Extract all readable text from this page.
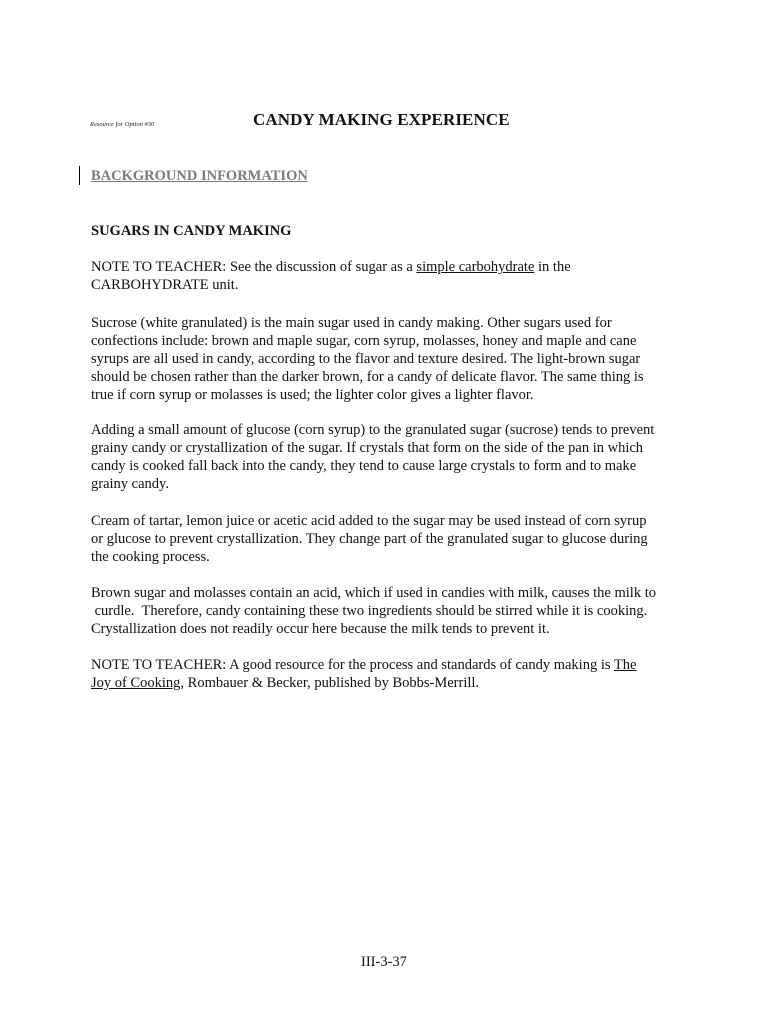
Resource for Option #30	CANDY MAKING EXPERIENCE
BACKGROUND INFORMATION
SUGARS IN CANDY MAKING

NOTE TO TEACHER: See the discussion of sugar as a simple carbohydrate in the
CARBOHYDRATE unit.

Sucrose (white granulated) is the main sugar used in candy making. Other sugars used for
confections include: brown and maple sugar, corn syrup, molasses, honey and maple and cane
syrups are all used in candy, according to the flavor and texture desired. The light-brown sugar
should be chosen rather than the darker brown, for a candy of delicate flavor. The same thing is
true if corn syrup or molasses is used; the lighter color gives a lighter flavor.

Adding a small amount of glucose (corn syrup) to the granulated sugar (sucrose) tends to prevent
grainy candy or crystallization of the sugar. If crystals that form on the side of the pan in which
candy is cooked fall back into the candy, they tend to cause large crystals to form and to make
grainy candy.

Cream of tartar, lemon juice or acetic acid added to the sugar may be used instead of corn syrup
or glucose to prevent crystallization. They change part of the granulated sugar to glucose during
the cooking process.

Brown sugar and molasses contain an acid, which if used in candies with milk, causes the milk to
curdle.  Therefore, candy containing these two ingredients should be stirred while it is cooking.
Crystallization does not readily occur here because the milk tends to prevent it.

NOTE TO TEACHER: A good resource for the process and standards of candy making is The
Joy of Cooking, Rombauer & Becker, published by Bobbs-Merrill.

III-3-37
